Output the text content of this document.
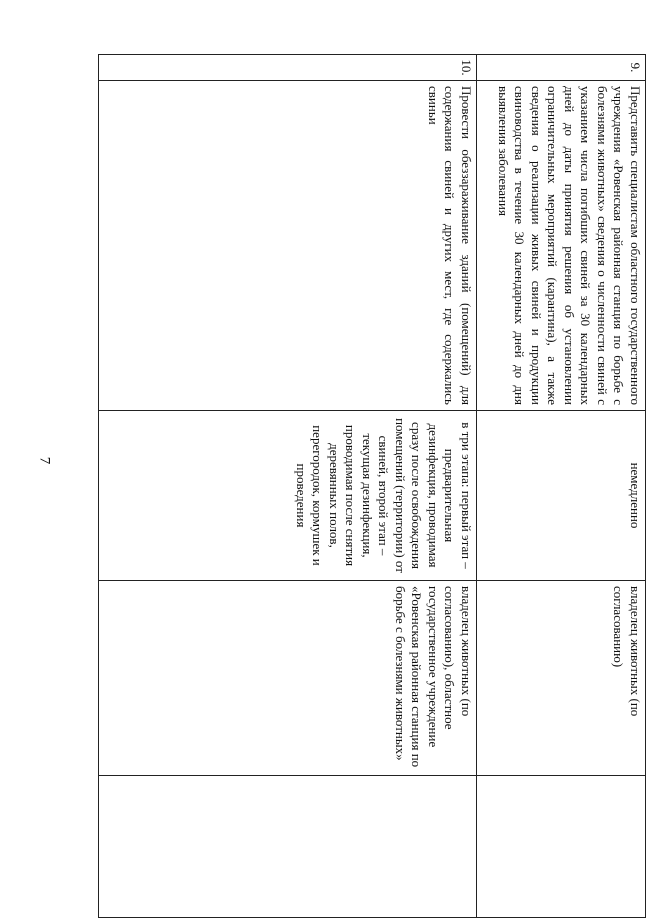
7
9.	Представить специалистам областного государственного учреждения «Ровенская районная станция по борьбе с болезнями животных» сведения о численности свиней с указанием числа погибших свиней за 30 календарных дней до даты принятия решения об установлении ограничительных мероприятий (карантина), а также сведения о реализации живых свиней и продукции свиноводства в течение 30 календарных дней до дня выявления заболевания	немедленно	владелец животных (по согласованию)	
10.	Провести обеззараживание зданий (помещений) для содержания свиней и других мест, где содержались свиньи	в три этапа: первый этап – предварительная дезинфекция, проводимая сразу после освобождения помещений (территории) от свиней, второй этап – текущая дезинфекция, проводимая после снятия деревянных полов, перегородок, кормушек и проведения	владелец животных (по согласованию), областное государственное учреждение «Ровенская районная станция по борьбе с болезнями животных»	
